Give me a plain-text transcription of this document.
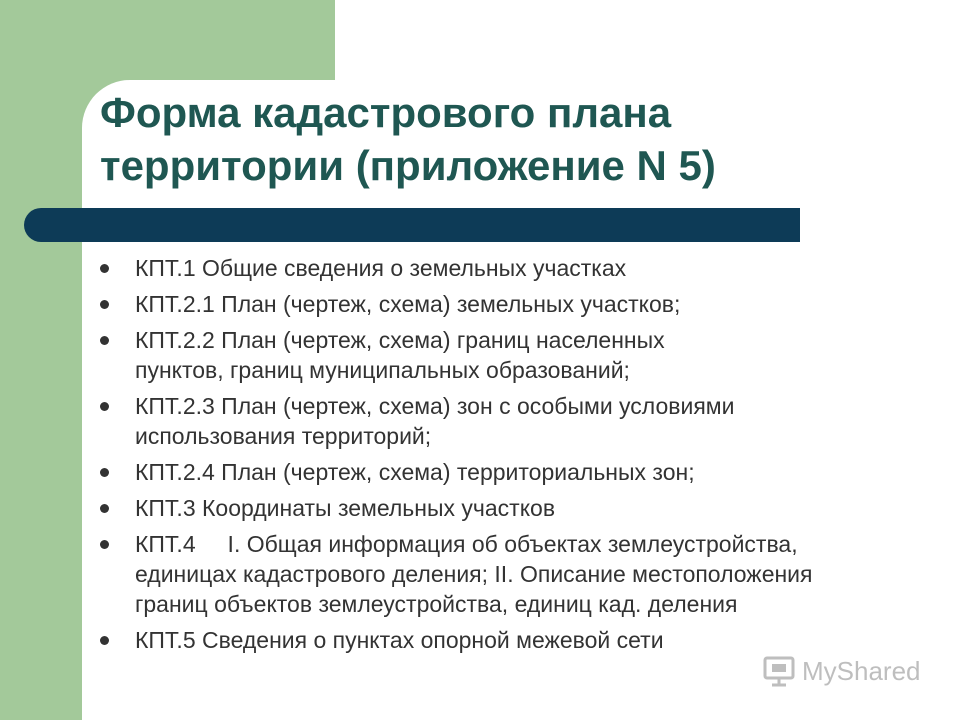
Форма кадастрового плана
территории (приложение N 5)
КПТ.1 Общие сведения о земельных участках
КПТ.2.1 План (чертеж, схема) земельных участков;
КПТ.2.2 План (чертеж, схема) границ населенных
пунктов, границ муниципальных образований;
КПТ.2.3 План (чертеж, схема) зон с особыми условиями
использования территорий;
КПТ.2.4 План (чертеж, схема) территориальных зон;
КПТ.3 Координаты земельных участков
КПТ.4     I. Общая информация об объектах землеустройства,
единицах кадастрового деления; II. Описание местоположения
границ объектов землеустройства, единиц кад. деления
КПТ.5 Сведения о пунктах опорной межевой сети
MyShared
